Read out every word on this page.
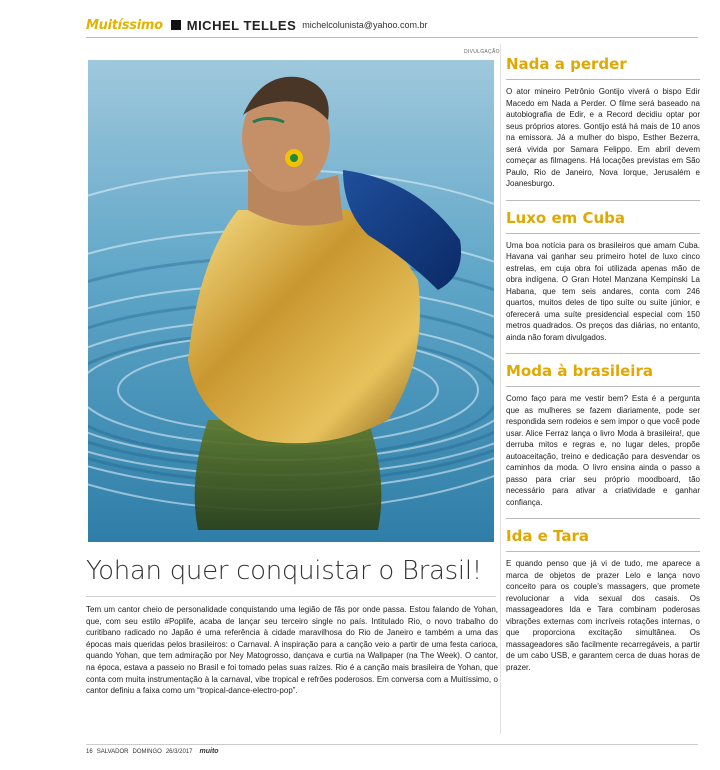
Muitíssimo MICHEL TELLES michelcolunista@yahoo.com.br
DIVULGAÇÃO
Yohan quer conquistar o Brasil!
Tem um cantor cheio de personalidade conquistando uma legião de fãs por onde passa. Estou falando de Yohan, que, com seu estilo #Poplife, acaba de lançar seu terceiro single no país. Intitulado Rio, o novo trabalho do curitibano radicado no Japão é uma referência à cidade maravilhosa do Rio de Janeiro e também a uma das épocas mais queridas pelos brasileiros: o Carnaval. A inspiração para a canção veio a partir de uma festa carioca, quando Yohan, que tem admiração por Ney Matogrosso, dançava e curtia na Wallpaper (na The Week). O cantor, na época, estava a passeio no Brasil e foi tomado pelas suas raízes. Rio é a canção mais brasileira de Yohan, que conta com muita instrumentação à la carnaval, vibe tropical e refrões poderosos. Em conversa com a Muitíssimo, o cantor definiu a faixa como um “tropical-dance-electro-pop”.
Nada a perder

O ator mineiro Petrônio Gontijo viverá o bispo Edir Macedo em Nada a Perder. O filme será baseado na autobiografia de Edir, e a Record decidiu optar por seus próprios atores. Gontijo está há mais de 10 anos na emissora. Já a mulher do bispo, Esther Bezerra, será vivida por Samara Felippo. Em abril devem começar as filmagens. Há locações previstas em São Paulo, Rio de Janeiro, Nova Iorque, Jerusalém e Joanesburgo.

Luxo em Cuba

Uma boa notícia para os brasileiros que amam Cuba. Havana vai ganhar seu primeiro hotel de luxo cinco estrelas, em cuja obra foi utilizada apenas mão de obra indígena. O Gran Hotel Manzana Kempinski La Habana, que tem seis andares, conta com 246 quartos, muitos deles de tipo suíte ou suíte júnior, e oferecerá uma suíte presidencial especial com 150 metros quadrados. Os preços das diárias, no entanto, ainda não foram divulgados.

Moda à brasileira

Como faço para me vestir bem? Esta é a pergunta que as mulheres se fazem diariamente, pode ser respondida sem rodeios e sem impor o que você pode usar. Alice Ferraz lança o livro Moda à brasileira!, que derruba mitos e regras e, no lugar deles, propõe autoaceitação, treino e dedicação para desvendar os caminhos da moda. O livro ensina ainda o passo a passo para criar seu próprio moodboard, tão necessário para ativar a criatividade e ganhar confiança.

Ida e Tara

E quando penso que já vi de tudo, me aparece a marca de objetos de prazer Lelo e lança novo conceito para os couple’s massagers, que promete revolucionar a vida sexual dos casais. Os massageadores Ida e Tara combinam poderosas vibrações externas com incríveis rotações internas, o que proporciona excitação simultânea. Os massageadores são facilmente recarregáveis, a partir de um cabo USB, e garantem cerca de duas horas de prazer.

16 SALVADOR DOMINGO 26/3/2017 muito
